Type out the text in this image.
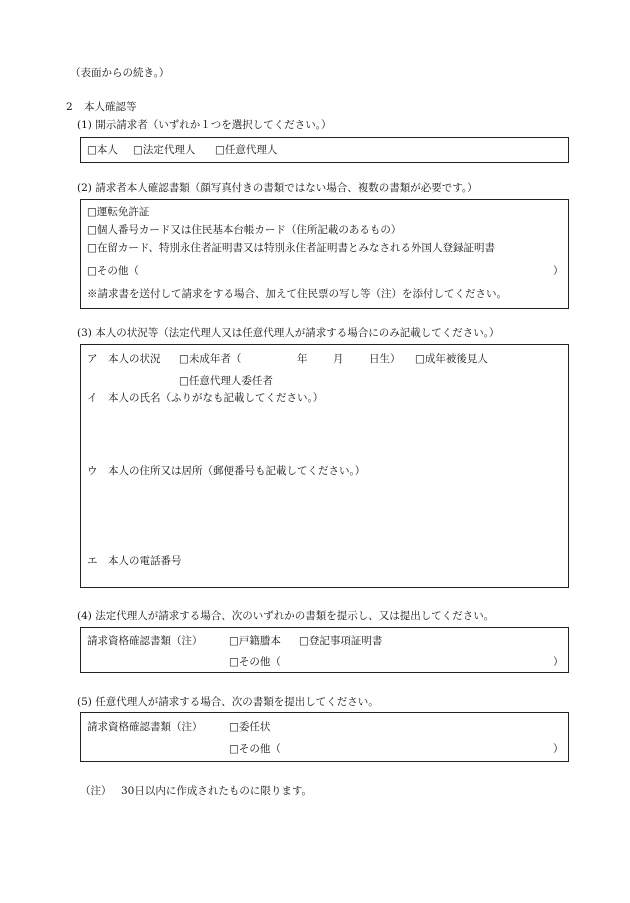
（表面からの続き。）
2 本人確認等
(1) 開示請求者（いずれか１つを選択してください。）
□本人 □法定代理人 □任意代理人
(2) 請求者本人確認書類（顔写真付きの書類ではない場合、複数の書類が必要です。）
□運転免許証
□個人番号カード又は住民基本台帳カード（住所記載のあるもの）
□在留カード、特別永住者証明書又は特別永住者証明書とみなされる外国人登録証明書
□その他（	）
※請求書を送付して請求をする場合、加えて住民票の写し等（注）を添付してください。
(3) 本人の状況等（法定代理人又は任意代理人が請求する場合にのみ記載してください。）
ア　本人の状況 □未成年者（	年 月 日生） □成年被後見人
□任意代理人委任者
イ　本人の氏名（ふりがなも記載してください。）
ウ　本人の住所又は居所（郵便番号も記載してください。）
エ　本人の電話番号
(4) 法定代理人が請求する場合、次のいずれかの書類を提示し、又は提出してください。
請求資格確認書類（注）	□戸籍謄本 □登記事項証明書
□その他（	）
(5) 任意代理人が請求する場合、次の書類を提出してください。
請求資格確認書類（注）	□委任状
□その他（	）
（注） 30日以内に作成されたものに限ります。
